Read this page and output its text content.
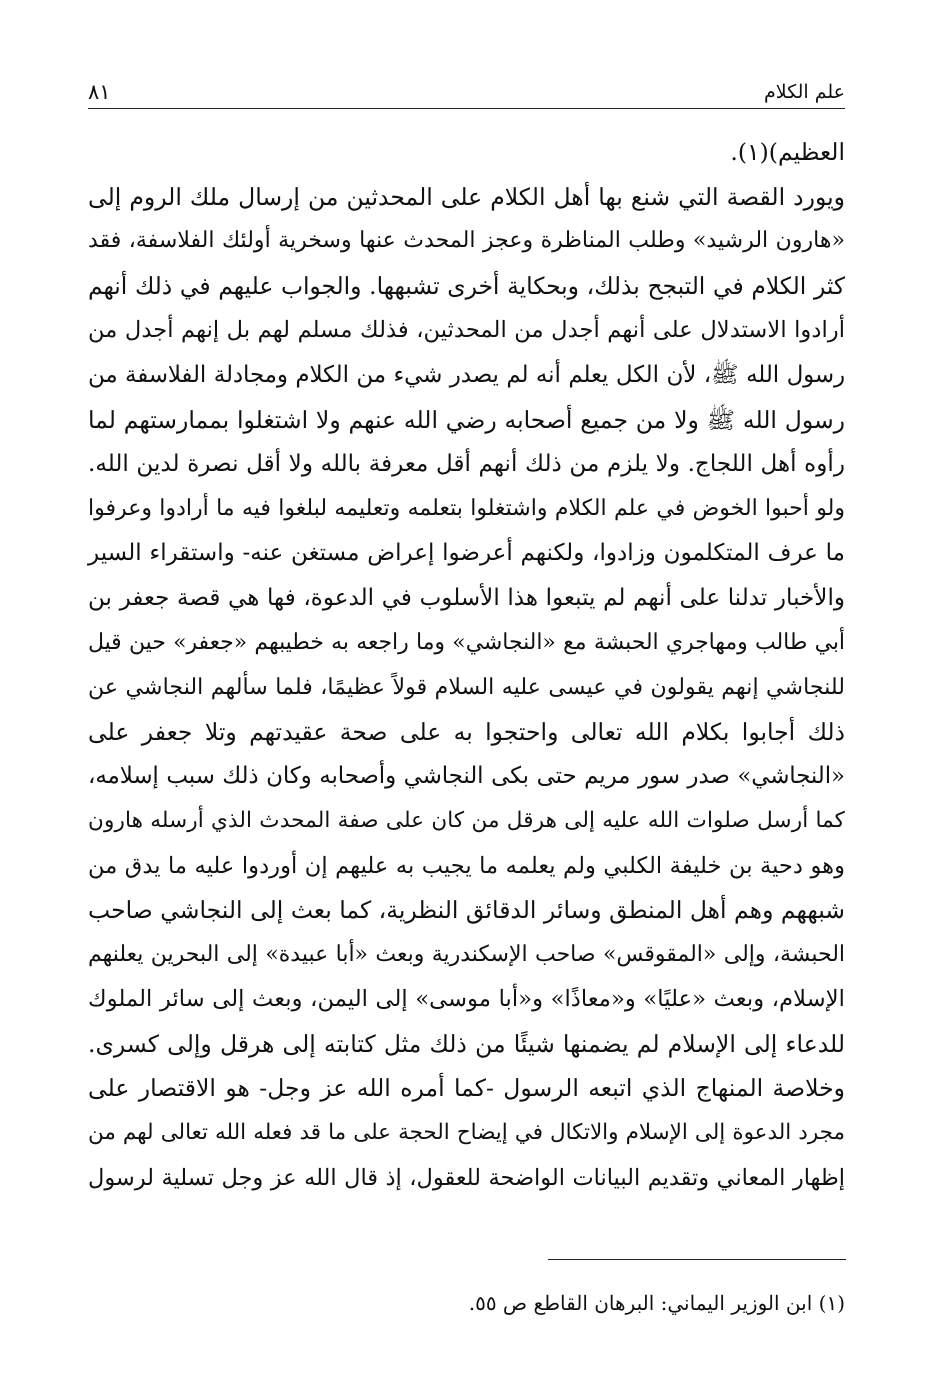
٨١	علم الكلام
العظيم)(١).
ويورد القصة التي شنع بها أهل الكلام على المحدثين من إرسال ملك الروم إلى
«هارون الرشيد» وطلب المناظرة وعجز المحدث عنها وسخرية أولئك الفلاسفة، فقد
كثر الكلام في التبجح بذلك، وبحكاية أخرى تشبهها. والجواب عليهم في ذلك أنهم
أرادوا الاستدلال على أنهم أجدل من المحدثين، فذلك مسلم لهم بل إنهم أجدل من
رسول الله ﷺ، لأن الكل يعلم أنه لم يصدر شيء من الكلام ومجادلة الفلاسفة من
رسول الله ﷺ ولا من جميع أصحابه رضي الله عنهم ولا اشتغلوا بممارستهم لما
رأوه أهل اللجاج. ولا يلزم من ذلك أنهم أقل معرفة بالله ولا أقل نصرة لدين الله.
ولو أحبوا الخوض في علم الكلام واشتغلوا بتعلمه وتعليمه لبلغوا فيه ما أرادوا وعرفوا
ما عرف المتكلمون وزادوا، ولكنهم أعرضوا إعراض مستغن عنه- واستقراء السير
والأخبار تدلنا على أنهم لم يتبعوا هذا الأسلوب في الدعوة، فها هي قصة جعفر بن
أبي طالب ومهاجري الحبشة مع «النجاشي» وما راجعه به خطيبهم «جعفر» حين قيل
للنجاشي إنهم يقولون في عيسى عليه السلام قولاً عظيمًا، فلما سألهم النجاشي عن
ذلك أجابوا بكلام الله تعالى واحتجوا به على صحة عقيدتهم وتلا جعفر على
«النجاشي» صدر سور مريم حتى بكى النجاشي وأصحابه وكان ذلك سبب إسلامه،
كما أرسل صلوات الله عليه إلى هرقل من كان على صفة المحدث الذي أرسله هارون
وهو دحية بن خليفة الكلبي ولم يعلمه ما يجيب به عليهم إن أوردوا عليه ما يدق من
شبههم وهم أهل المنطق وسائر الدقائق النظرية، كما بعث إلى النجاشي صاحب
الحبشة، وإلى «المقوقس» صاحب الإسكندرية وبعث «أبا عبيدة» إلى البحرين يعلنهم
الإسلام، وبعث «عليًا» و«معاذًا» و«أبا موسى» إلى اليمن، وبعث إلى سائر الملوك
للدعاء إلى الإسلام لم يضمنها شيئًا من ذلك مثل كتابته إلى هرقل وإلى كسرى.
وخلاصة المنهاج الذي اتبعه الرسول -كما أمره الله عز وجل- هو الاقتصار على
مجرد الدعوة إلى الإسلام والاتكال في إيضاح الحجة على ما قد فعله الله تعالى لهم من
إظهار المعاني وتقديم البيانات الواضحة للعقول، إذ قال الله عز وجل تسلية لرسول
(١) ابن الوزير اليماني: البرهان القاطع ص ٥٥.
